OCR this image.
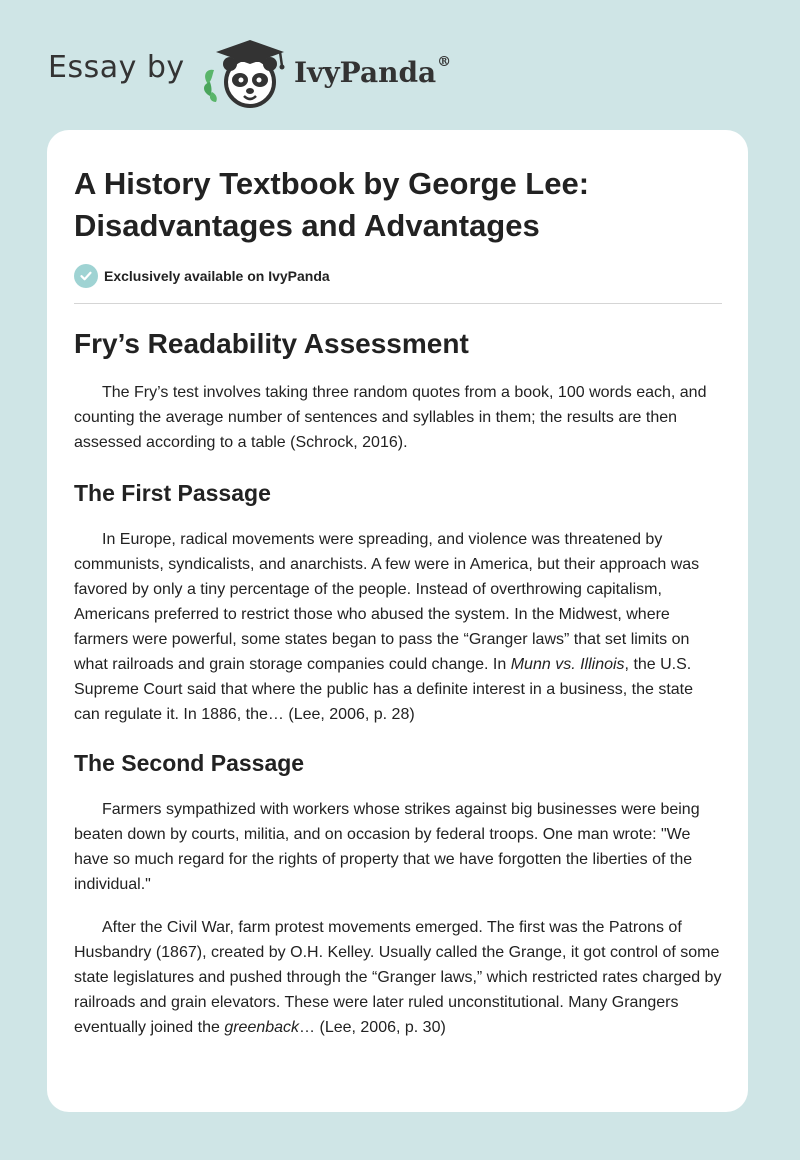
Essay by	IvyPanda®
A History Textbook by George Lee: Disadvantages and Advantages
Exclusively available on IvyPanda
Fry’s Readability Assessment

The Fry’s test involves taking three random quotes from a book, 100 words each, and counting the average number of sentences and syllables in them; the results are then assessed according to a table (Schrock, 2016).

The First Passage

In Europe, radical movements were spreading, and violence was threatened by communists, syndicalists, and anarchists. A few were in America, but their approach was favored by only a tiny percentage of the people. Instead of overthrowing capitalism, Americans preferred to restrict those who abused the system. In the Midwest, where farmers were powerful, some states began to pass the “Granger laws” that set limits on what railroads and grain storage companies could change. In Munn vs. Illinois, the U.S. Supreme Court said that where the public has a definite interest in a business, the state can regulate it. In 1886, the… (Lee, 2006, p. 28)

The Second Passage

Farmers sympathized with workers whose strikes against big businesses were being beaten down by courts, militia, and on occasion by federal troops. One man wrote: "We have so much regard for the rights of property that we have forgotten the liberties of the individual."

After the Civil War, farm protest movements emerged. The first was the Patrons of Husbandry (1867), created by O.H. Kelley. Usually called the Grange, it got control of some state legislatures and pushed through the “Granger laws,” which restricted rates charged by railroads and grain elevators. These were later ruled unconstitutional. Many Grangers eventually joined the greenback… (Lee, 2006, p. 30)
